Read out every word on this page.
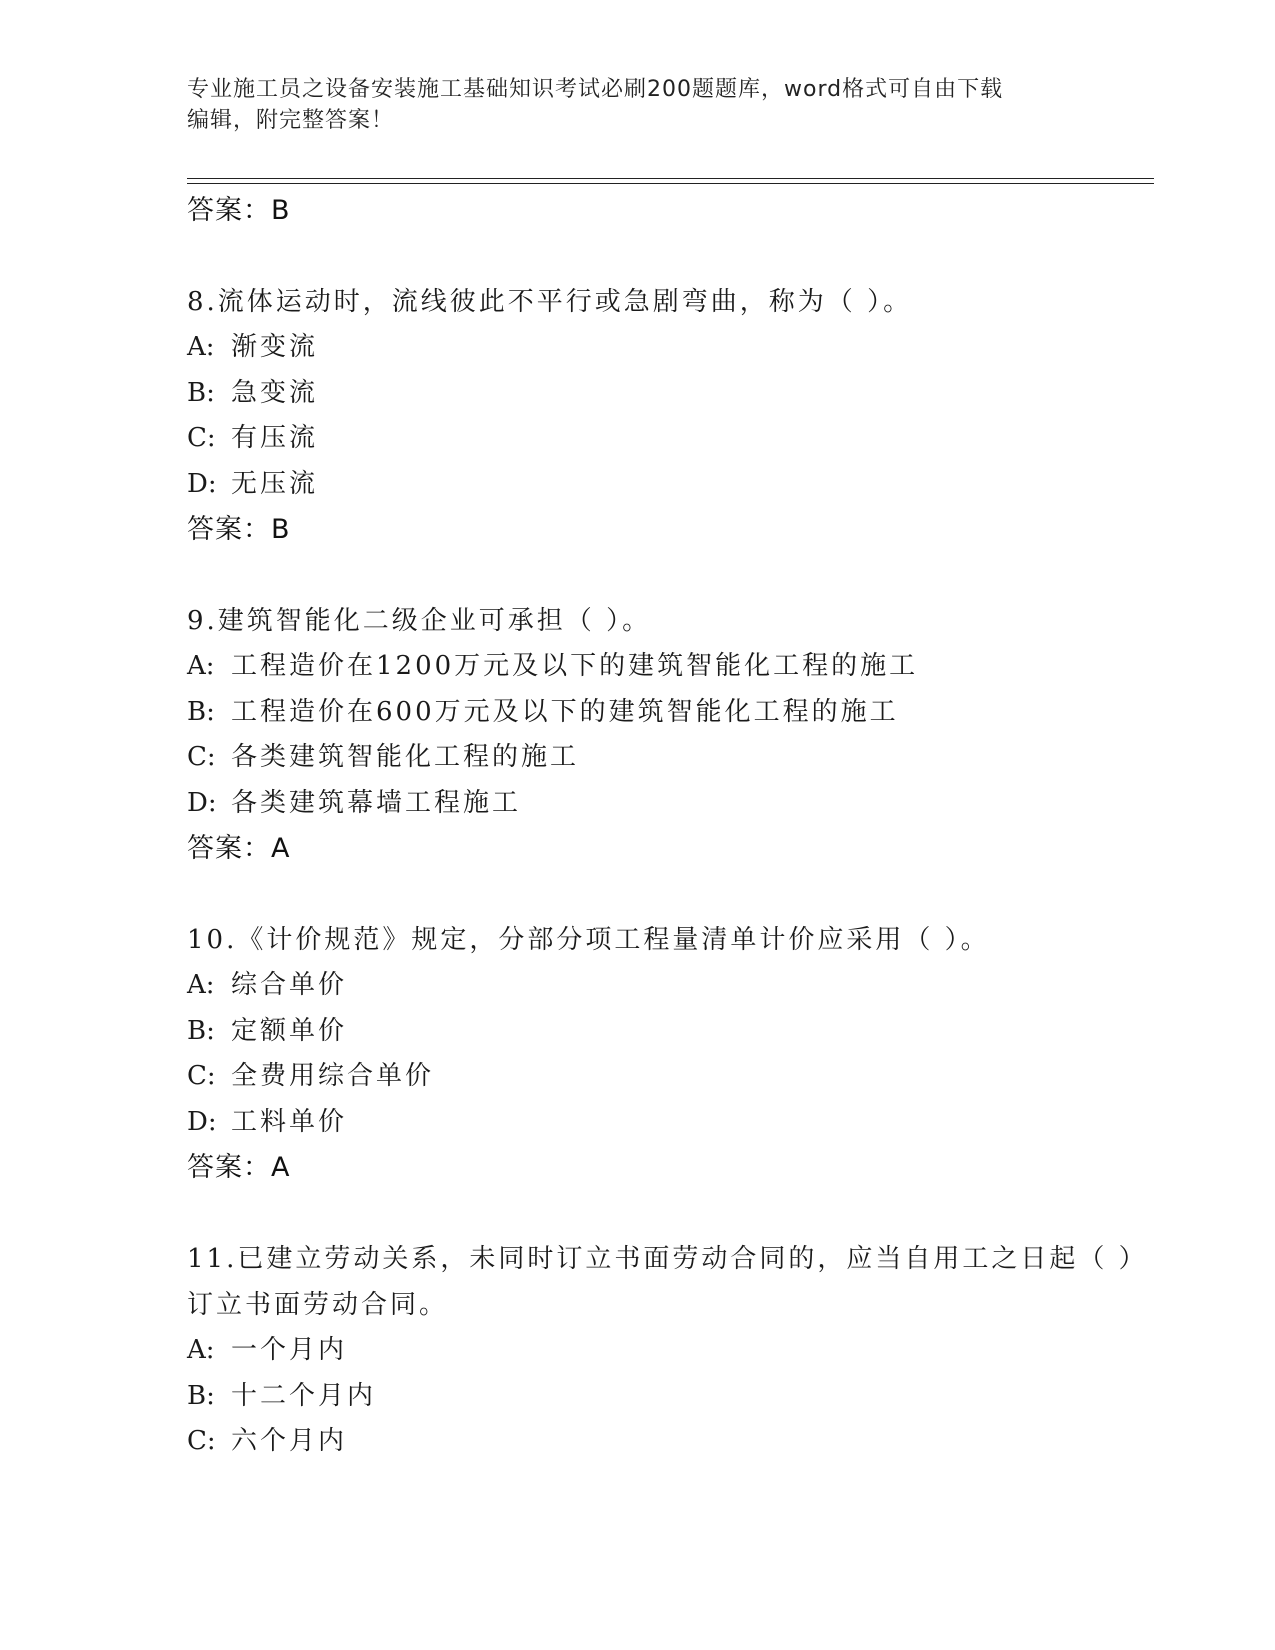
专业施工员之设备安装施工基础知识考试必刷200题题库，word格式可自由下载
编辑，附完整答案！
答案：B
8.流体运动时，流线彼此不平行或急剧弯曲，称为（ ）。
A: 渐变流
B: 急变流
C: 有压流
D: 无压流
答案：B
9.建筑智能化二级企业可承担（ ）。
A: 工程造价在1200万元及以下的建筑智能化工程的施工
B: 工程造价在600万元及以下的建筑智能化工程的施工
C: 各类建筑智能化工程的施工
D: 各类建筑幕墙工程施工
答案：A
10.《计价规范》规定，分部分项工程量清单计价应采用（ ）。
A: 综合单价
B: 定额单价
C: 全费用综合单价
D: 工料单价
答案：A
11.已建立劳动关系，未同时订立书面劳动合同的，应当自用工之日起（ ）订立书面劳动合同。
A: 一个月内
B: 十二个月内
C: 六个月内
